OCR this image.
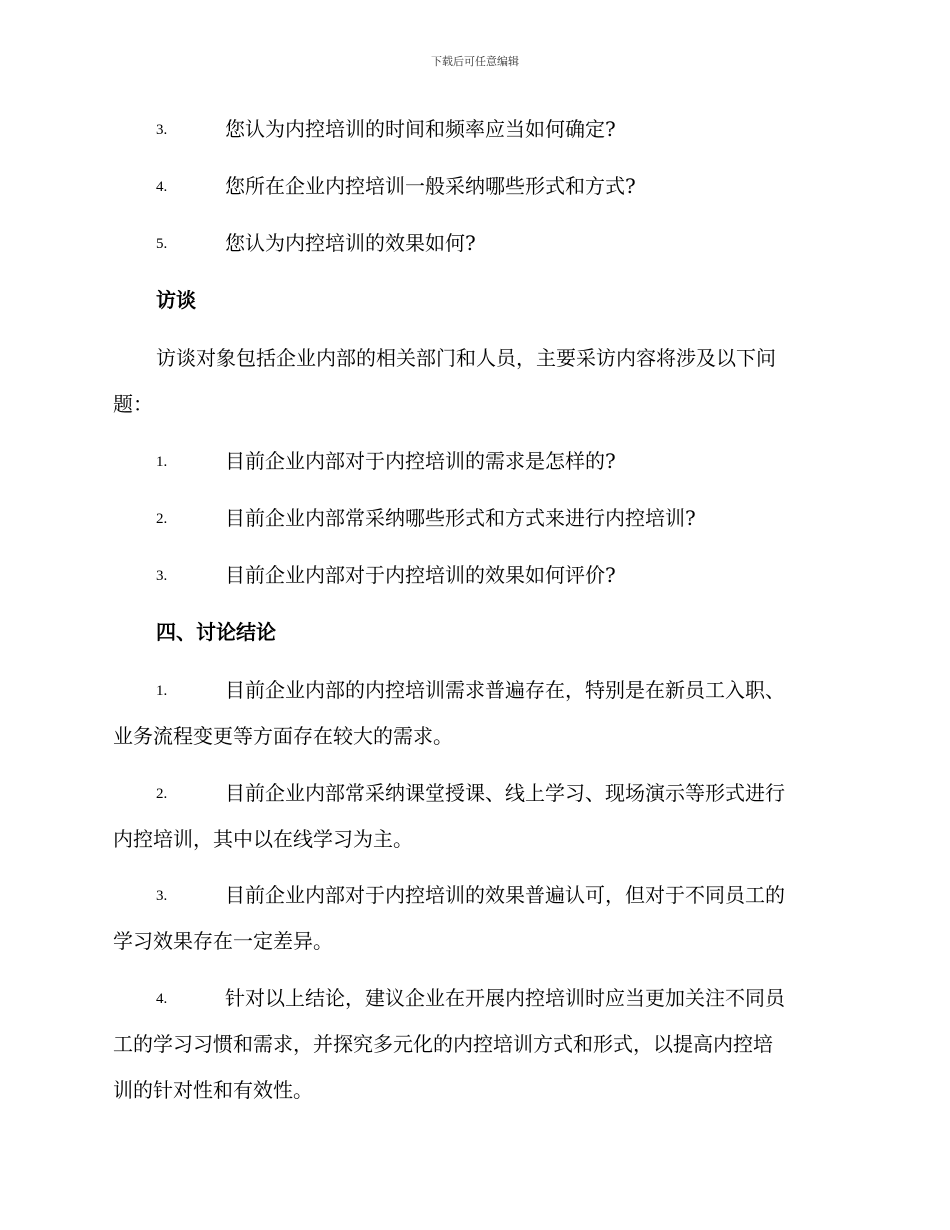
下载后可任意编辑
3.	您认为内控培训的时间和频率应当如何确定?
4.	您所在企业内控培训一般采纳哪些形式和方式?
5.	您认为内控培训的效果如何?
访谈
访谈对象包括企业内部的相关部门和人员，主要采访内容将涉及以下问
题：
1.	目前企业内部对于内控培训的需求是怎样的?
2.	目前企业内部常采纳哪些形式和方式来进行内控培训?
3.	目前企业内部对于内控培训的效果如何评价?
四、讨论结论
1.	目前企业内部的内控培训需求普遍存在，特别是在新员工入职、
业务流程变更等方面存在较大的需求。
2.	目前企业内部常采纳课堂授课、线上学习、现场演示等形式进行
内控培训，其中以在线学习为主。
3.	目前企业内部对于内控培训的效果普遍认可，但对于不同员工的
学习效果存在一定差异。
4.	针对以上结论，建议企业在开展内控培训时应当更加关注不同员
工的学习习惯和需求，并探究多元化的内控培训方式和形式，以提高内控培
训的针对性和有效性。
